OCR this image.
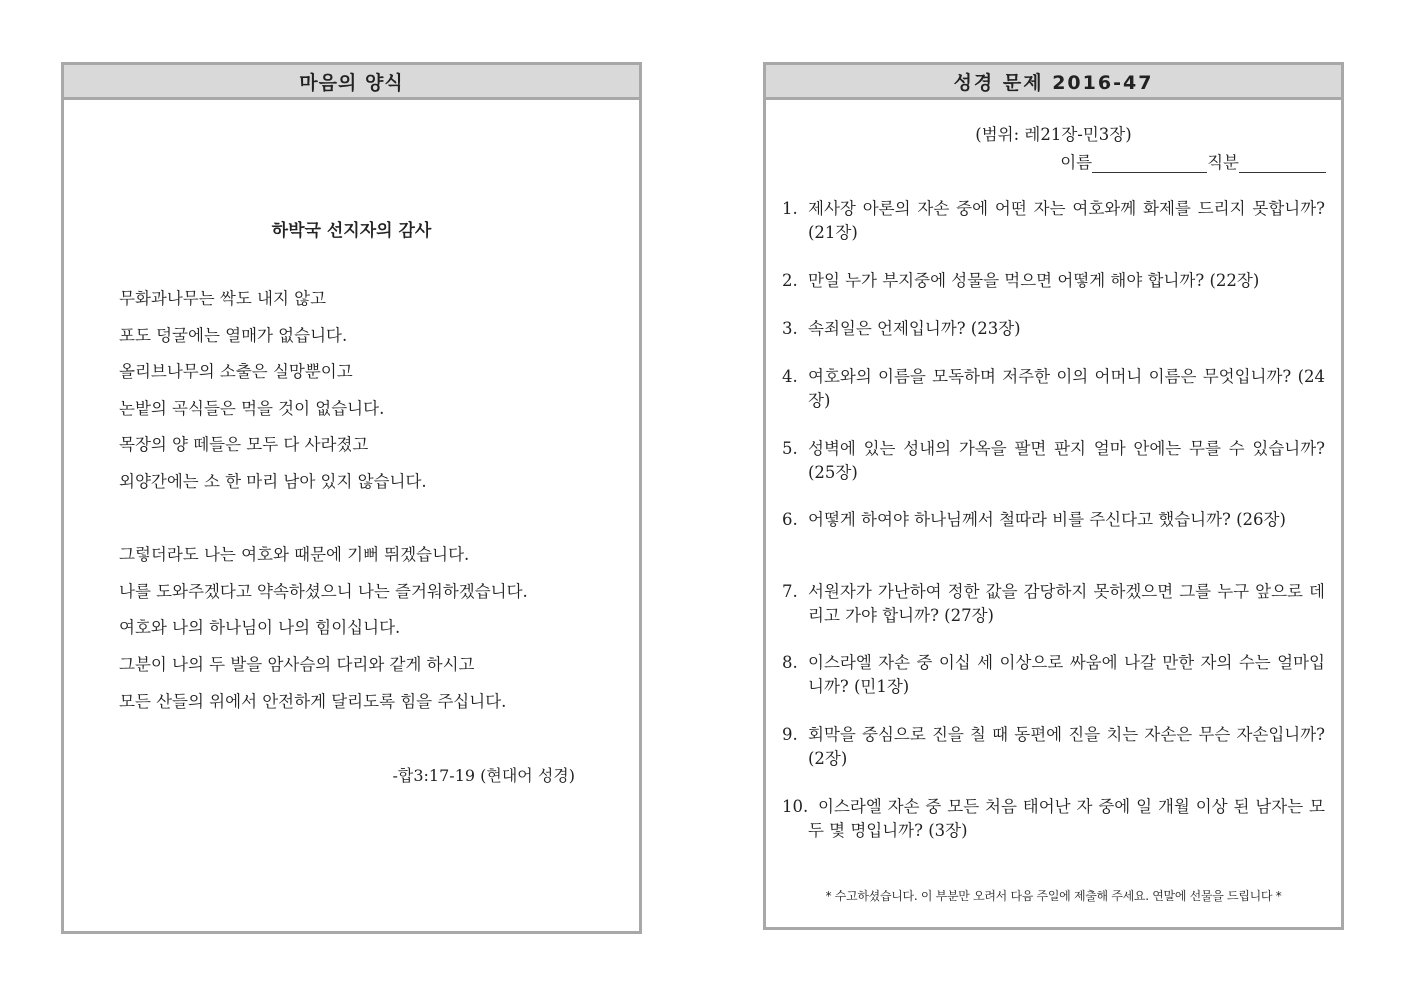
마음의 양식
하박국 선지자의 감사
무화과나무는 싹도 내지 않고
포도 덩굴에는 열매가 없습니다.
올리브나무의 소출은 실망뿐이고
논밭의 곡식들은 먹을 것이 없습니다.
목장의 양 떼들은 모두 다 사라졌고
외양간에는 소 한 마리 남아 있지 않습니다.
그렇더라도 나는 여호와 때문에 기뻐 뛰겠습니다.
나를 도와주겠다고 약속하셨으니 나는 즐거워하겠습니다.
여호와 나의 하나님이 나의 힘이십니다.
그분이 나의 두 발을 암사슴의 다리와 같게 하시고
모든 산들의 위에서 안전하게 달리도록 힘을 주십니다.
-합3:17-19 (현대어 성경)
성경 문제 2016-47
(범위: 레21장-민3장)
이름	직분
1. 제사장 아론의 자손 중에 어떤 자는 여호와께 화제를 드리지 못합니까? (21장)
2. 만일 누가 부지중에 성물을 먹으면 어떻게 해야 합니까? (22장)
3. 속죄일은 언제입니까? (23장)
4. 여호와의 이름을 모독하며 저주한 이의 어머니 이름은 무엇입니까? (24장)
5. 성벽에 있는 성내의 가옥을 팔면 판지 얼마 안에는 무를 수 있습니까? (25장)
6. 어떻게 하여야 하나님께서 철따라 비를 주신다고 했습니까? (26장)
7. 서원자가 가난하여 정한 값을 감당하지 못하겠으면 그를 누구 앞으로 데리고 가야 합니까? (27장)
8. 이스라엘 자손 중 이십 세 이상으로 싸움에 나갈 만한 자의 수는 얼마입니까? (민1장)
9. 회막을 중심으로 진을 칠 때 동편에 진을 치는 자손은 무슨 자손입니까? (2장)
10. 이스라엘 자손 중 모든 처음 태어난 자 중에 일 개월 이상 된 남자는 모두 몇 명입니까? (3장)
* 수고하셨습니다. 이 부분만 오려서 다음 주일에 제출해 주세요. 연말에 선물을 드립니다 *
